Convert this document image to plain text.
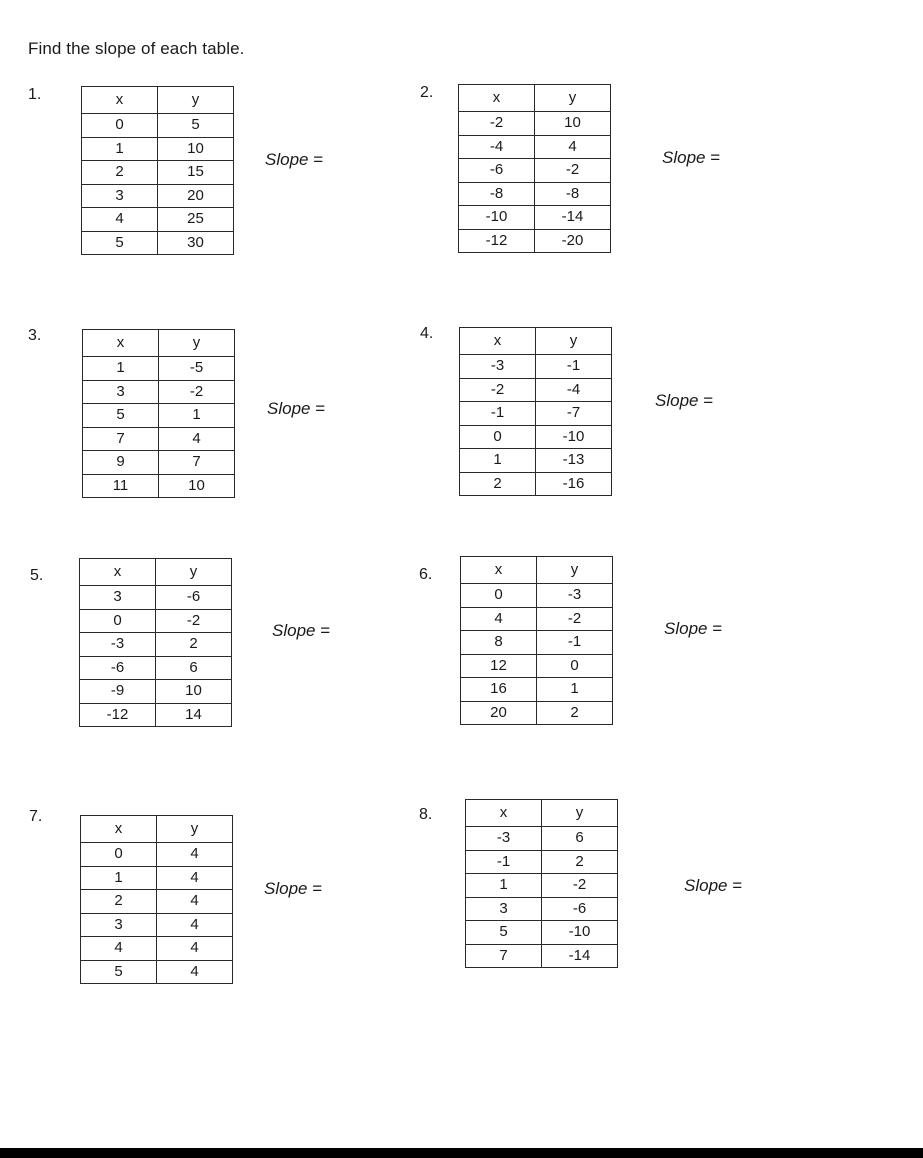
Find the slope of each table.
1.	x	y
0	5
1	10
2	15
3	20
4	25
5	30
Slope =
2.	x	y
-2	10
-4	4
-6	-2
-8	-8
-10	-14
-12	-20
Slope =
3.	x	y
1	-5
3	-2
5	1
7	4
9	7
11	10
Slope =
4.	x	y
-3	-1
-2	-4
-1	-7
0	-10
1	-13
2	-16
Slope =
5.	x	y
3	-6
0	-2
-3	2
-6	6
-9	10
-12	14
Slope =
6.	x	y
0	-3
4	-2
8	-1
12	0
16	1
20	2
Slope =
7.
x	y
0	4
1	4
2	4
3	4
4	4
5	4
Slope =
8.	x	y
-3	6
-1	2
1	-2
3	-6
5	-10
7	-14
Slope =
